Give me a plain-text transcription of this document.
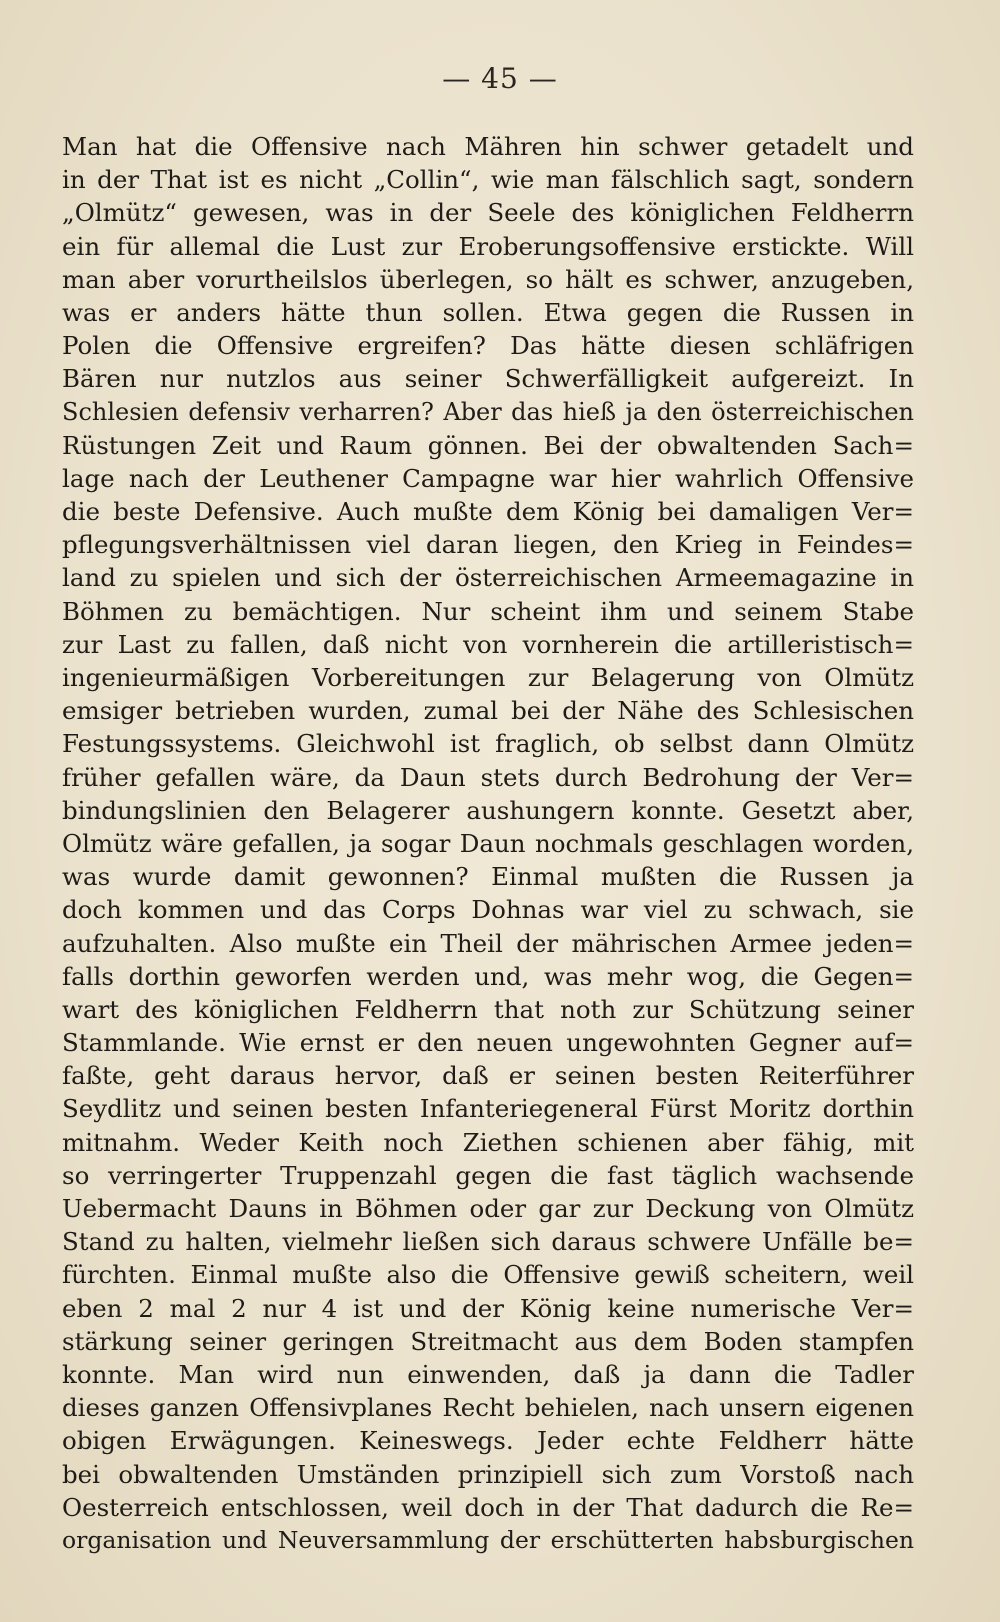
— 45 —
Man hat die Offensive nach Mähren hin schwer getadelt und
in der That ist es nicht „Collin“, wie man fälschlich sagt, sondern
„Olmütz“ gewesen, was in der Seele des königlichen Feldherrn
ein für allemal die Lust zur Eroberungsoffensive erstickte. Will
man aber vorurtheilslos überlegen, so hält es schwer, anzugeben,
was er anders hätte thun sollen. Etwa gegen die Russen in
Polen die Offensive ergreifen? Das hätte diesen schläfrigen
Bären nur nutzlos aus seiner Schwerfälligkeit aufgereizt. In
Schlesien defensiv verharren? Aber das hieß ja den österreichischen
Rüstungen Zeit und Raum gönnen. Bei der obwaltenden Sach=
lage nach der Leuthener Campagne war hier wahrlich Offensive
die beste Defensive. Auch mußte dem König bei damaligen Ver=
pflegungsverhältnissen viel daran liegen, den Krieg in Feindes=
land zu spielen und sich der österreichischen Armeemagazine in
Böhmen zu bemächtigen. Nur scheint ihm und seinem Stabe
zur Last zu fallen, daß nicht von vornherein die artilleristisch=
ingenieurmäßigen Vorbereitungen zur Belagerung von Olmütz
emsiger betrieben wurden, zumal bei der Nähe des Schlesischen
Festungssystems. Gleichwohl ist fraglich, ob selbst dann Olmütz
früher gefallen wäre, da Daun stets durch Bedrohung der Ver=
bindungslinien den Belagerer aushungern konnte. Gesetzt aber,
Olmütz wäre gefallen, ja sogar Daun nochmals geschlagen worden,
was wurde damit gewonnen? Einmal mußten die Russen ja
doch kommen und das Corps Dohnas war viel zu schwach, sie
aufzuhalten. Also mußte ein Theil der mährischen Armee jeden=
falls dorthin geworfen werden und, was mehr wog, die Gegen=
wart des königlichen Feldherrn that noth zur Schützung seiner
Stammlande. Wie ernst er den neuen ungewohnten Gegner auf=
faßte, geht daraus hervor, daß er seinen besten Reiterführer
Seydlitz und seinen besten Infanteriegeneral Fürst Moritz dorthin
mitnahm. Weder Keith noch Ziethen schienen aber fähig, mit
so verringerter Truppenzahl gegen die fast täglich wachsende
Uebermacht Dauns in Böhmen oder gar zur Deckung von Olmütz
Stand zu halten, vielmehr ließen sich daraus schwere Unfälle be=
fürchten. Einmal mußte also die Offensive gewiß scheitern, weil
eben 2 mal 2 nur 4 ist und der König keine numerische Ver=
stärkung seiner geringen Streitmacht aus dem Boden stampfen
konnte. Man wird nun einwenden, daß ja dann die Tadler
dieses ganzen Offensivplanes Recht behielen, nach unsern eigenen
obigen Erwägungen. Keineswegs. Jeder echte Feldherr hätte
bei obwaltenden Umständen prinzipiell sich zum Vorstoß nach
Oesterreich entschlossen, weil doch in der That dadurch die Re=
organisation und Neuversammlung der erschütterten habsburgischen
